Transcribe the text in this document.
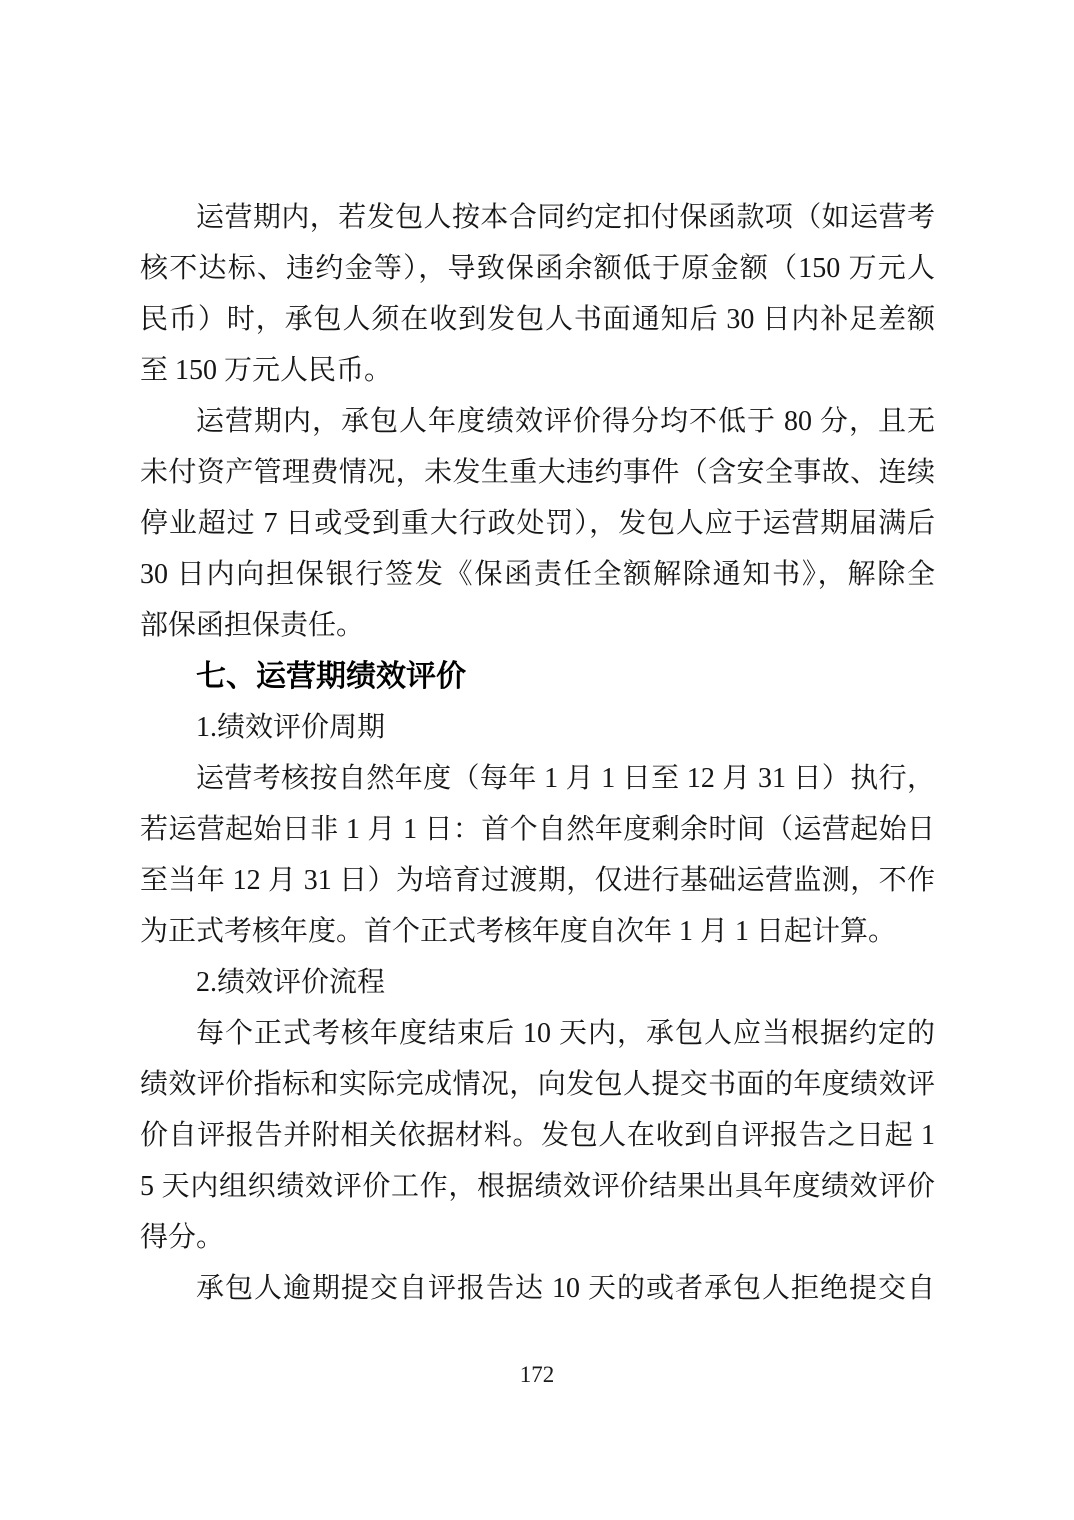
运营期内，若发包人按本合同约定扣付保函款项（如运营考
核不达标、违约金等），导致保函余额低于原金额（150 万元人
民币）时，承包人须在收到发包人书面通知后 30 日内补足差额
至 150 万元人民币。
运营期内，承包人年度绩效评价得分均不低于 80 分，且无
未付资产管理费情况，未发生重大违约事件（含安全事故、连续
停业超过 7 日或受到重大行政处罚），发包人应于运营期届满后
30 日内向担保银行签发《保函责任全额解除通知书》，解除全
部保函担保责任。
七、运营期绩效评价
1.绩效评价周期
运营考核按自然年度（每年 1 月 1 日至 12 月 31 日）执行，
若运营起始日非 1 月 1 日：首个自然年度剩余时间（运营起始日
至当年 12 月 31 日）为培育过渡期，仅进行基础运营监测，不作
为正式考核年度。首个正式考核年度自次年 1 月 1 日起计算。
2.绩效评价流程
每个正式考核年度结束后 10 天内，承包人应当根据约定的
绩效评价指标和实际完成情况，向发包人提交书面的年度绩效评
价自评报告并附相关依据材料。发包人在收到自评报告之日起 1
5 天内组织绩效评价工作，根据绩效评价结果出具年度绩效评价
得分。
承包人逾期提交自评报告达 10 天的或者承包人拒绝提交自
172
